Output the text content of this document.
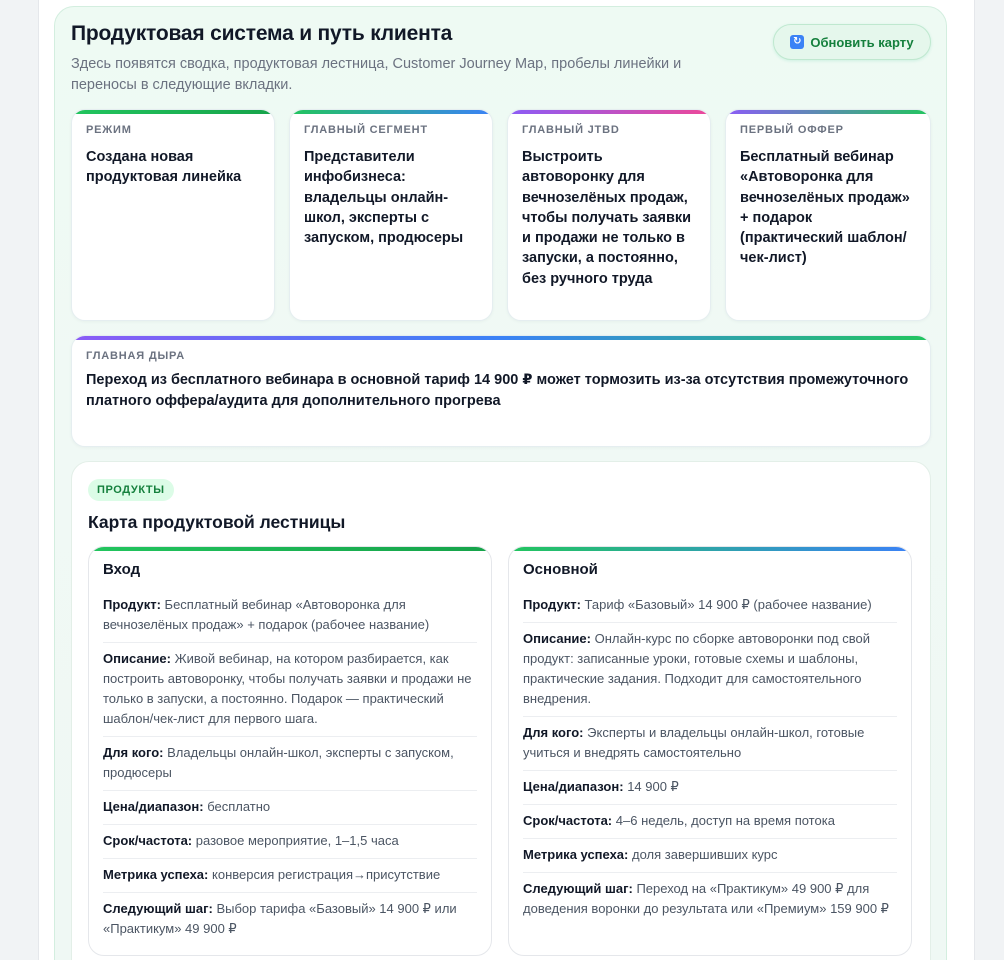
Продуктовая система и путь клиента
Здесь появятся сводка, продуктовая лестница, Customer Journey Map, пробелы линейки и переносы в следующие вкладки.
↻ Обновить карту
РЕЖИМ
Создана новая продуктовая линейка
ГЛАВНЫЙ СЕГМЕНТ
Представители инфобизнеса: владельцы онлайн-школ, эксперты с запуском, продюсеры
ГЛАВНЫЙ JTBD
Выстроить автоворонку для вечнозелёных продаж, чтобы получать заявки и продажи не только в запуски, а постоянно, без ручного труда
ПЕРВЫЙ ОФФЕР
Бесплатный вебинар «Автоворонка для вечнозелёных продаж» + подарок (практический шаблон/чек-лист)
ГЛАВНАЯ ДЫРА
Переход из бесплатного вебинара в основной тариф 14 900 ₽ может тормозить из-за отсутствия промежуточного платного оффера/аудита для дополнительного прогрева
ПРОДУКТЫ
Карта продуктовой лестницы
Вход
Продукт: Бесплатный вебинар «Автоворонка для вечнозелёных продаж» + подарок (рабочее название)
Описание: Живой вебинар, на котором разбирается, как построить автоворонку, чтобы получать заявки и продажи не только в запуски, а постоянно. Подарок — практический шаблон/чек-лист для первого шага.
Для кого: Владельцы онлайн-школ, эксперты с запуском, продюсеры
Цена/диапазон: бесплатно
Срок/частота: разовое мероприятие, 1–1,5 часа
Метрика успеха: конверсия регистрация→присутствие
Следующий шаг: Выбор тарифа «Базовый» 14 900 ₽ или «Практикум» 49 900 ₽
Основной
Продукт: Тариф «Базовый» 14 900 ₽ (рабочее название)
Описание: Онлайн-курс по сборке автоворонки под свой продукт: записанные уроки, готовые схемы и шаблоны, практические задания. Подходит для самостоятельного внедрения.
Для кого: Эксперты и владельцы онлайн-школ, готовые учиться и внедрять самостоятельно
Цена/диапазон: 14 900 ₽
Срок/частота: 4–6 недель, доступ на время потока
Метрика успеха: доля завершивших курс
Следующий шаг: Переход на «Практикум» 49 900 ₽ для доведения воронки до результата или «Премиум» 159 900 ₽
